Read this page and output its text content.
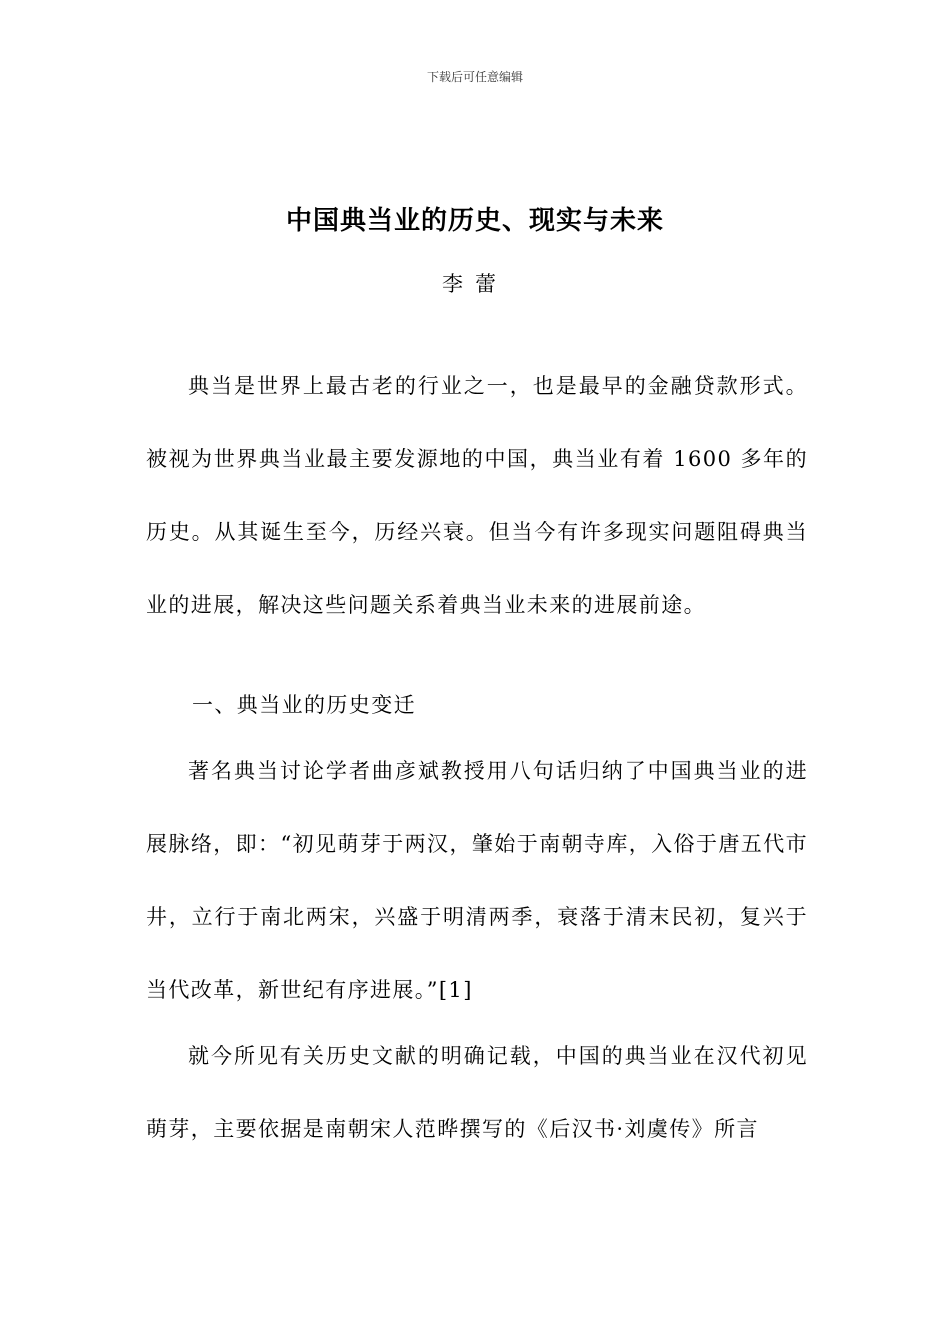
下载后可任意编辑
中国典当业的历史、现实与未来
李蕾

典当是世界上最古老的行业之一，也是最早的金融贷款形式。被视为世界典当业最主要发源地的中国，典当业有着 1600 多年的历史。从其诞生至今，历经兴衰。但当今有许多现实问题阻碍典当业的进展，解决这些问题关系着典当业未来的进展前途。

一、典当业的历史变迁

著名典当讨论学者曲彦斌教授用八句话归纳了中国典当业的进展脉络，即：“初见萌芽于两汉，肇始于南朝寺库，入俗于唐五代市井，立行于南北两宋，兴盛于明清两季，衰落于清末民初，复兴于当代改革，新世纪有序进展。”[1]

就今所见有关历史文献的明确记载，中国的典当业在汉代初见萌芽，主要依据是南朝宋人范晔撰写的《后汉书·刘虞传》所言
